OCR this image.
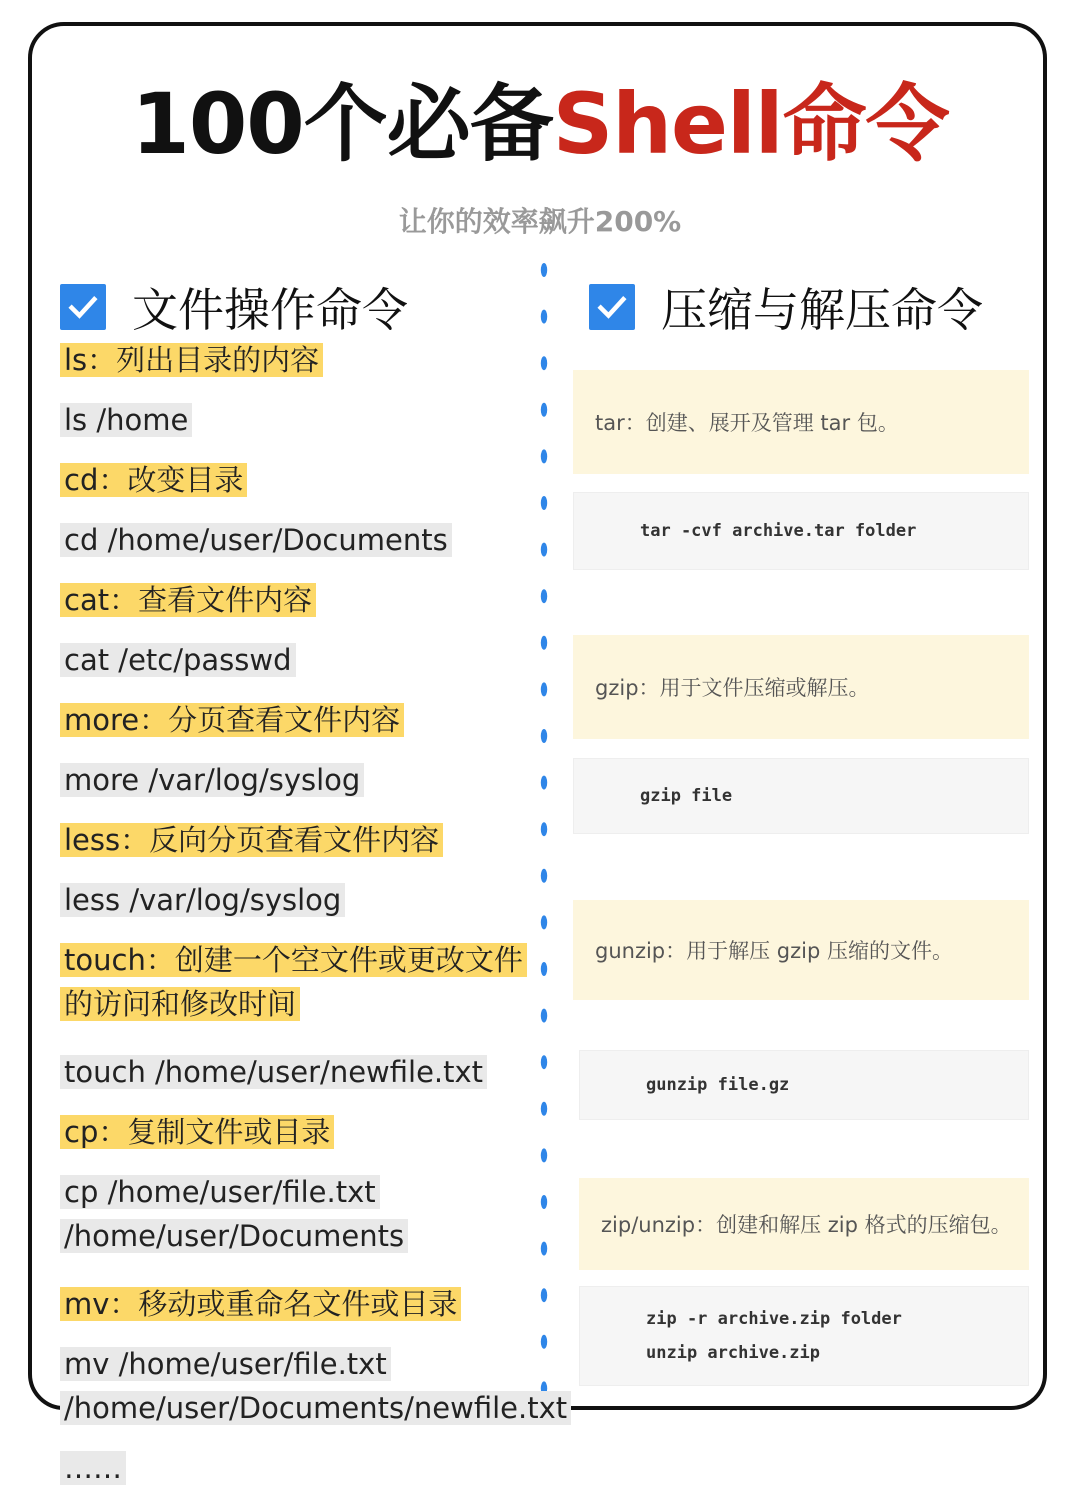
100个必备Shell命令
让你的效率飙升200%
文件操作命令	压缩与解压命令
ls：列出目录的内容
ls /home
cd：改变目录
cd /home/user/Documents
cat：查看文件内容
cat /etc/passwd
more：分页查看文件内容
more /var/log/syslog
less：反向分页查看文件内容
less /var/log/syslog
touch：创建一个空文件或更改文件的访问和修改时间
touch /home/user/newfile.txt
cp：复制文件或目录
cp /home/user/file.txt /home/user/Documents
mv：移动或重命名文件或目录
mv /home/user/file.txt /home/user/Documents/newfile.txt
……
tar：创建、展开及管理 tar 包。
tar -cvf archive.tar folder
gzip：用于文件压缩或解压。
gzip file
gunzip：用于解压 gzip 压缩的文件。
gunzip file.gz
zip/unzip：创建和解压 zip 格式的压缩包。
zip -r archive.zip folder
unzip archive.zip
